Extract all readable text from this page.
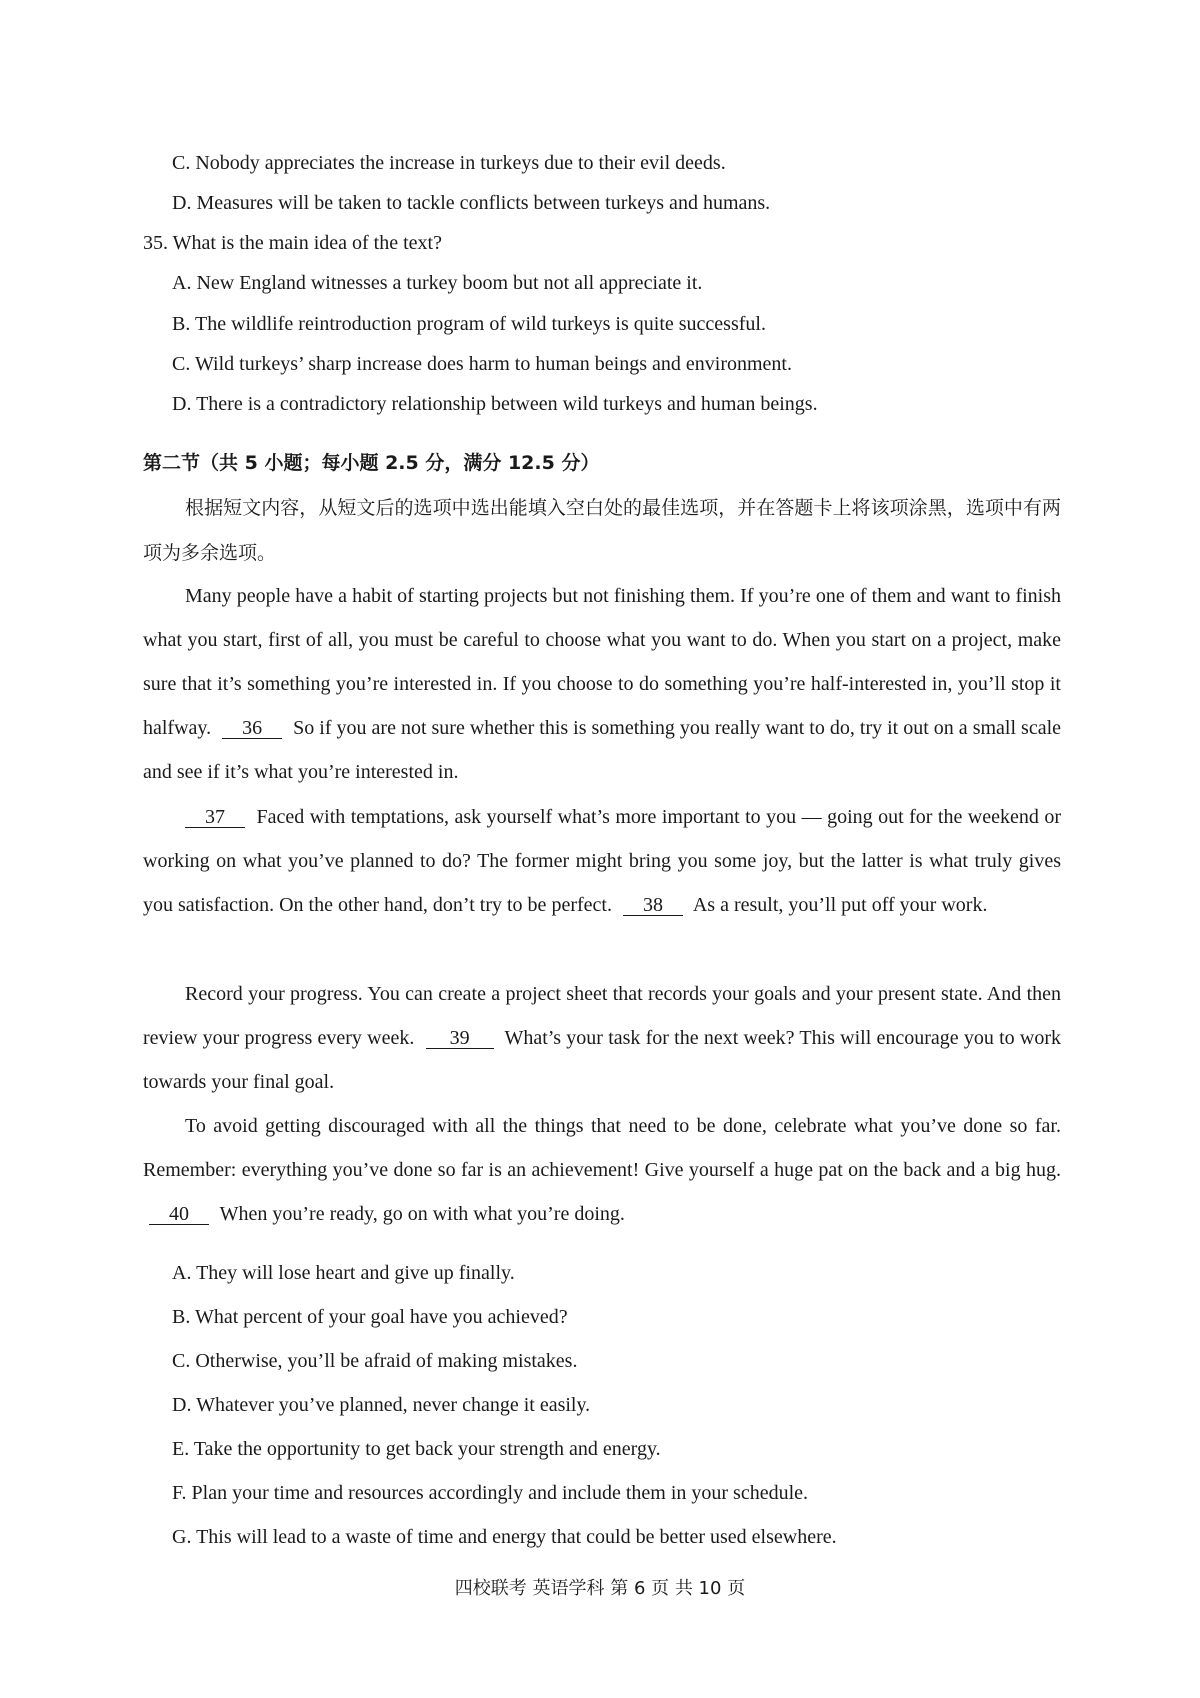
C. Nobody appreciates the increase in turkeys due to their evil deeds.
D. Measures will be taken to tackle conflicts between turkeys and humans.
35. What is the main idea of the text?
A. New England witnesses a turkey boom but not all appreciate it.
B. The wildlife reintroduction program of wild turkeys is quite successful.
C. Wild turkeys’ sharp increase does harm to human beings and environment.
D. There is a contradictory relationship between wild turkeys and human beings.
第二节（共 5 小题；每小题 2.5 分，满分 12.5 分）

根据短文内容，从短文后的选项中选出能填入空白处的最佳选项，并在答题卡上将该项涂黑，选项中有两项为多余选项。

Many people have a habit of starting projects but not finishing them. If you’re one of them and want to finish what you start, first of all, you must be careful to choose what you want to do. When you start on a project, make sure that it’s something you’re interested in. If you choose to do something you’re half-interested in, you’ll stop it halfway. 36 So if you are not sure whether this is something you really want to do, try it out on a small scale and see if it’s what you’re interested in.

37 Faced with temptations, ask yourself what’s more important to you — going out for the weekend or working on what you’ve planned to do? The former might bring you some joy, but the latter is what truly gives you satisfaction. On the other hand, don’t try to be perfect. 38 As a result, you’ll put off your work.

Record your progress. You can create a project sheet that records your goals and your present state. And then review your progress every week. 39 What’s your task for the next week? This will encourage you to work towards your final goal.

To avoid getting discouraged with all the things that need to be done, celebrate what you’ve done so far. Remember: everything you’ve done so far is an achievement! Give yourself a huge pat on the back and a big hug. 40 When you’re ready, go on with what you’re doing.

A. They will lose heart and give up finally.
B. What percent of your goal have you achieved?
C. Otherwise, you’ll be afraid of making mistakes.
D. Whatever you’ve planned, never change it easily.
E. Take the opportunity to get back your strength and energy.
F. Plan your time and resources accordingly and include them in your schedule.
G. This will lead to a waste of time and energy that could be better used elsewhere.
四校联考 英语学科 第 6 页 共 10 页
